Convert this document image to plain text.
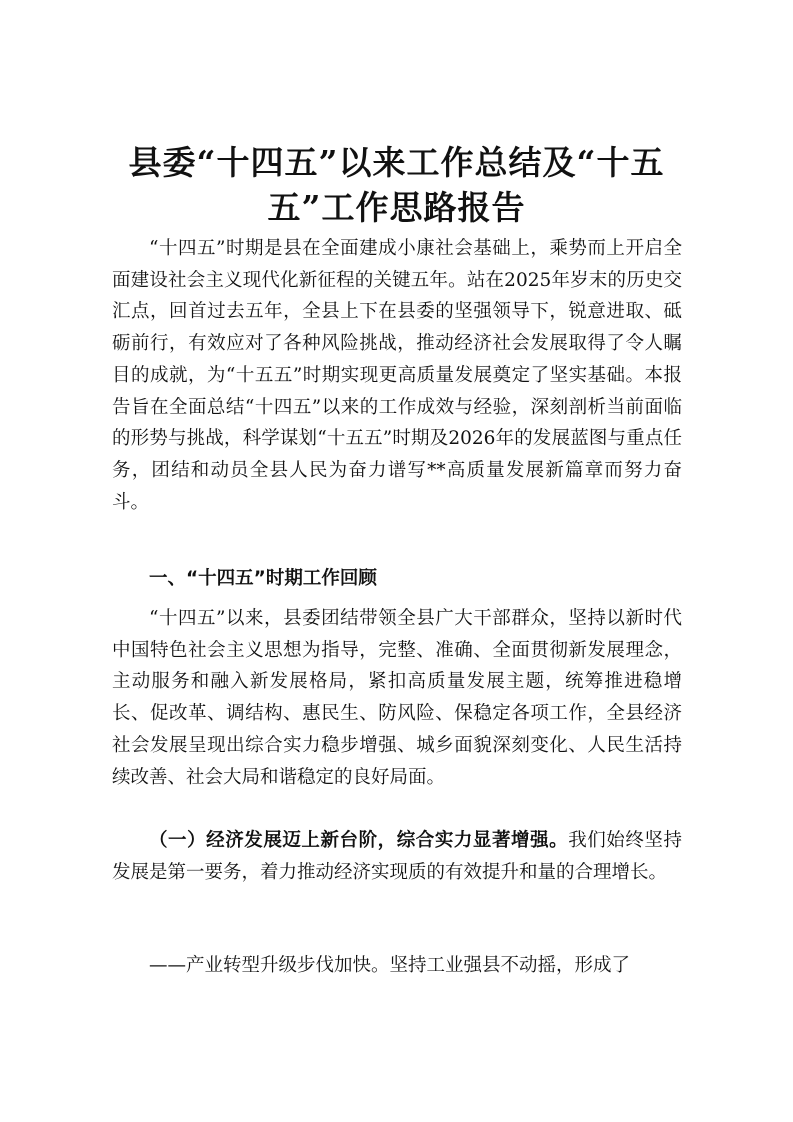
县委“十四五”以来工作总结及“十五五”工作思路报告

“十四五”时期是县在全面建成小康社会基础上，乘势而上开启全面建设社会主义现代化新征程的关键五年。站在2025年岁末的历史交汇点，回首过去五年，全县上下在县委的坚强领导下，锐意进取、砥砺前行，有效应对了各种风险挑战，推动经济社会发展取得了令人瞩目的成就，为“十五五”时期实现更高质量发展奠定了坚实基础。本报告旨在全面总结“十四五”以来的工作成效与经验，深刻剖析当前面临的形势与挑战，科学谋划“十五五”时期及2026年的发展蓝图与重点任务，团结和动员全县人民为奋力谱写**高质量发展新篇章而努力奋斗。

一、“十四五”时期工作回顾

“十四五”以来，县委团结带领全县广大干部群众，坚持以新时代中国特色社会主义思想为指导，完整、准确、全面贯彻新发展理念，主动服务和融入新发展格局，紧扣高质量发展主题，统筹推进稳增长、促改革、调结构、惠民生、防风险、保稳定各项工作，全县经济社会发展呈现出综合实力稳步增强、城乡面貌深刻变化、人民生活持续改善、社会大局和谐稳定的良好局面。

（一）经济发展迈上新台阶，综合实力显著增强。我们始终坚持发展是第一要务，着力推动经济实现质的有效提升和量的合理增长。

——产业转型升级步伐加快。坚持工业强县不动摇，形成了
